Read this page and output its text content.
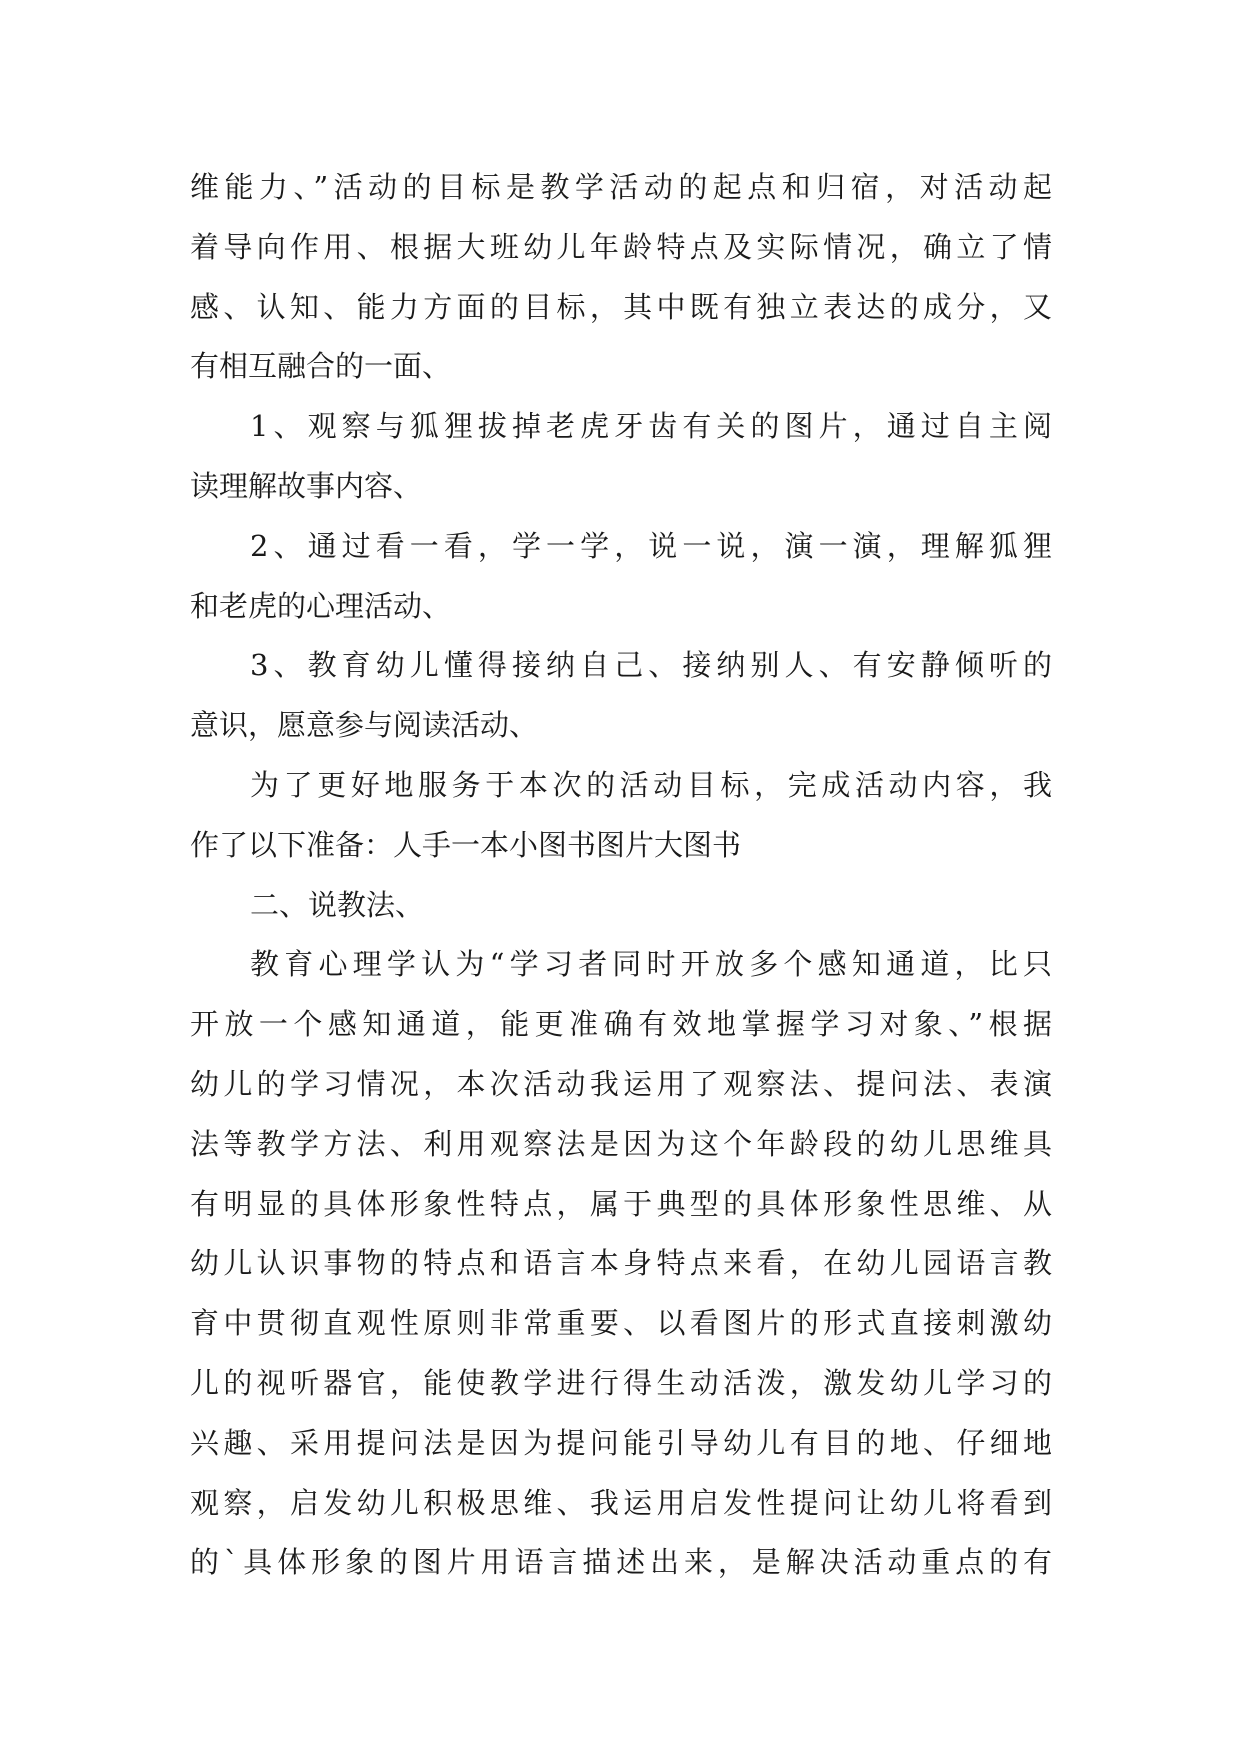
维能力、”活动的目标是教学活动的起点和归宿，对活动起
着导向作用、根据大班幼儿年龄特点及实际情况，确立了情
感、认知、能力方面的目标，其中既有独立表达的成分，又
有相互融合的一面、
1、观察与狐狸拔掉老虎牙齿有关的图片，通过自主阅
读理解故事内容、
2、通过看一看，学一学，说一说，演一演，理解狐狸
和老虎的心理活动、
3、教育幼儿懂得接纳自己、接纳别人、有安静倾听的
意识，愿意参与阅读活动、
为了更好地服务于本次的活动目标，完成活动内容，我
作了以下准备：人手一本小图书图片大图书
二、说教法、
教育心理学认为“学习者同时开放多个感知通道，比只
开放一个感知通道，能更准确有效地掌握学习对象、”根据
幼儿的学习情况，本次活动我运用了观察法、提问法、表演
法等教学方法、利用观察法是因为这个年龄段的幼儿思维具
有明显的具体形象性特点，属于典型的具体形象性思维、从
幼儿认识事物的特点和语言本身特点来看，在幼儿园语言教
育中贯彻直观性原则非常重要、以看图片的形式直接刺激幼
儿的视听器官，能使教学进行得生动活泼，激发幼儿学习的
兴趣、采用提问法是因为提问能引导幼儿有目的地、仔细地
观察，启发幼儿积极思维、我运用启发性提问让幼儿将看到
的`具体形象的图片用语言描述出来，是解决活动重点的有
